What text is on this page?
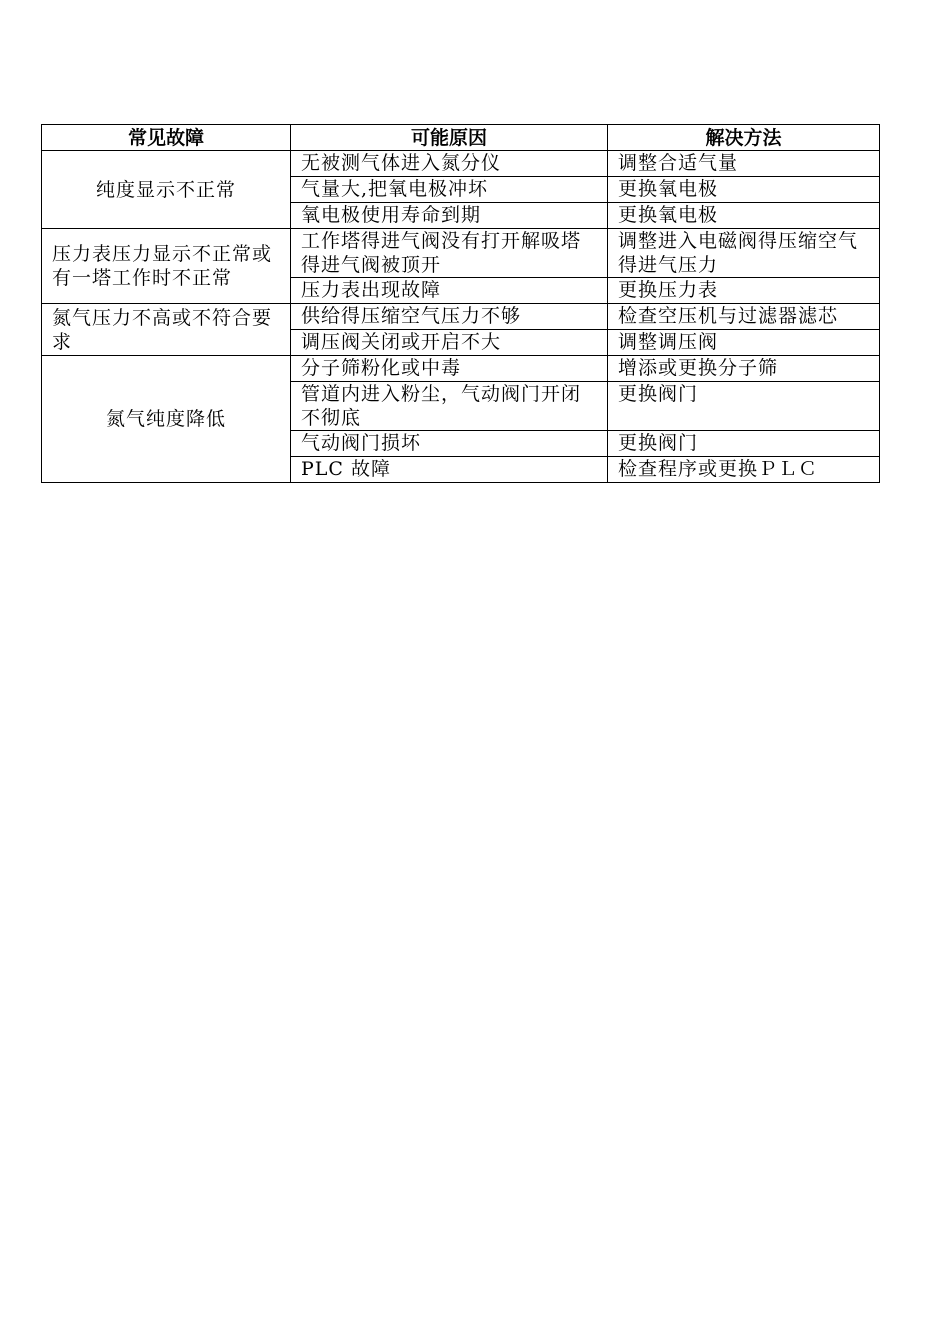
常见故障	可能原因	解决方法
纯度显示不正常	无被测气体进入氮分仪	调整合适气量
	气量大,把氧电极冲坏	更换氧电极
	氧电极使用寿命到期	更换氧电极
压力表压力显示不正常或有一塔工作时不正常	工作塔得进气阀没有打开解吸塔得进气阀被顶开	调整进入电磁阀得压缩空气得进气压力
	压力表出现故障	更换压力表
氮气压力不高或不符合要求	供给得压缩空气压力不够	检查空压机与过滤器滤芯
	调压阀关闭或开启不大	调整调压阀
氮气纯度降低	分子筛粉化或中毒	增添或更换分子筛
	管道内进入粉尘，气动阀门开闭不彻底	更换阀门
	气动阀门损坏	更换阀门
	PLC 故障	检查程序或更换ＰＬＣ
